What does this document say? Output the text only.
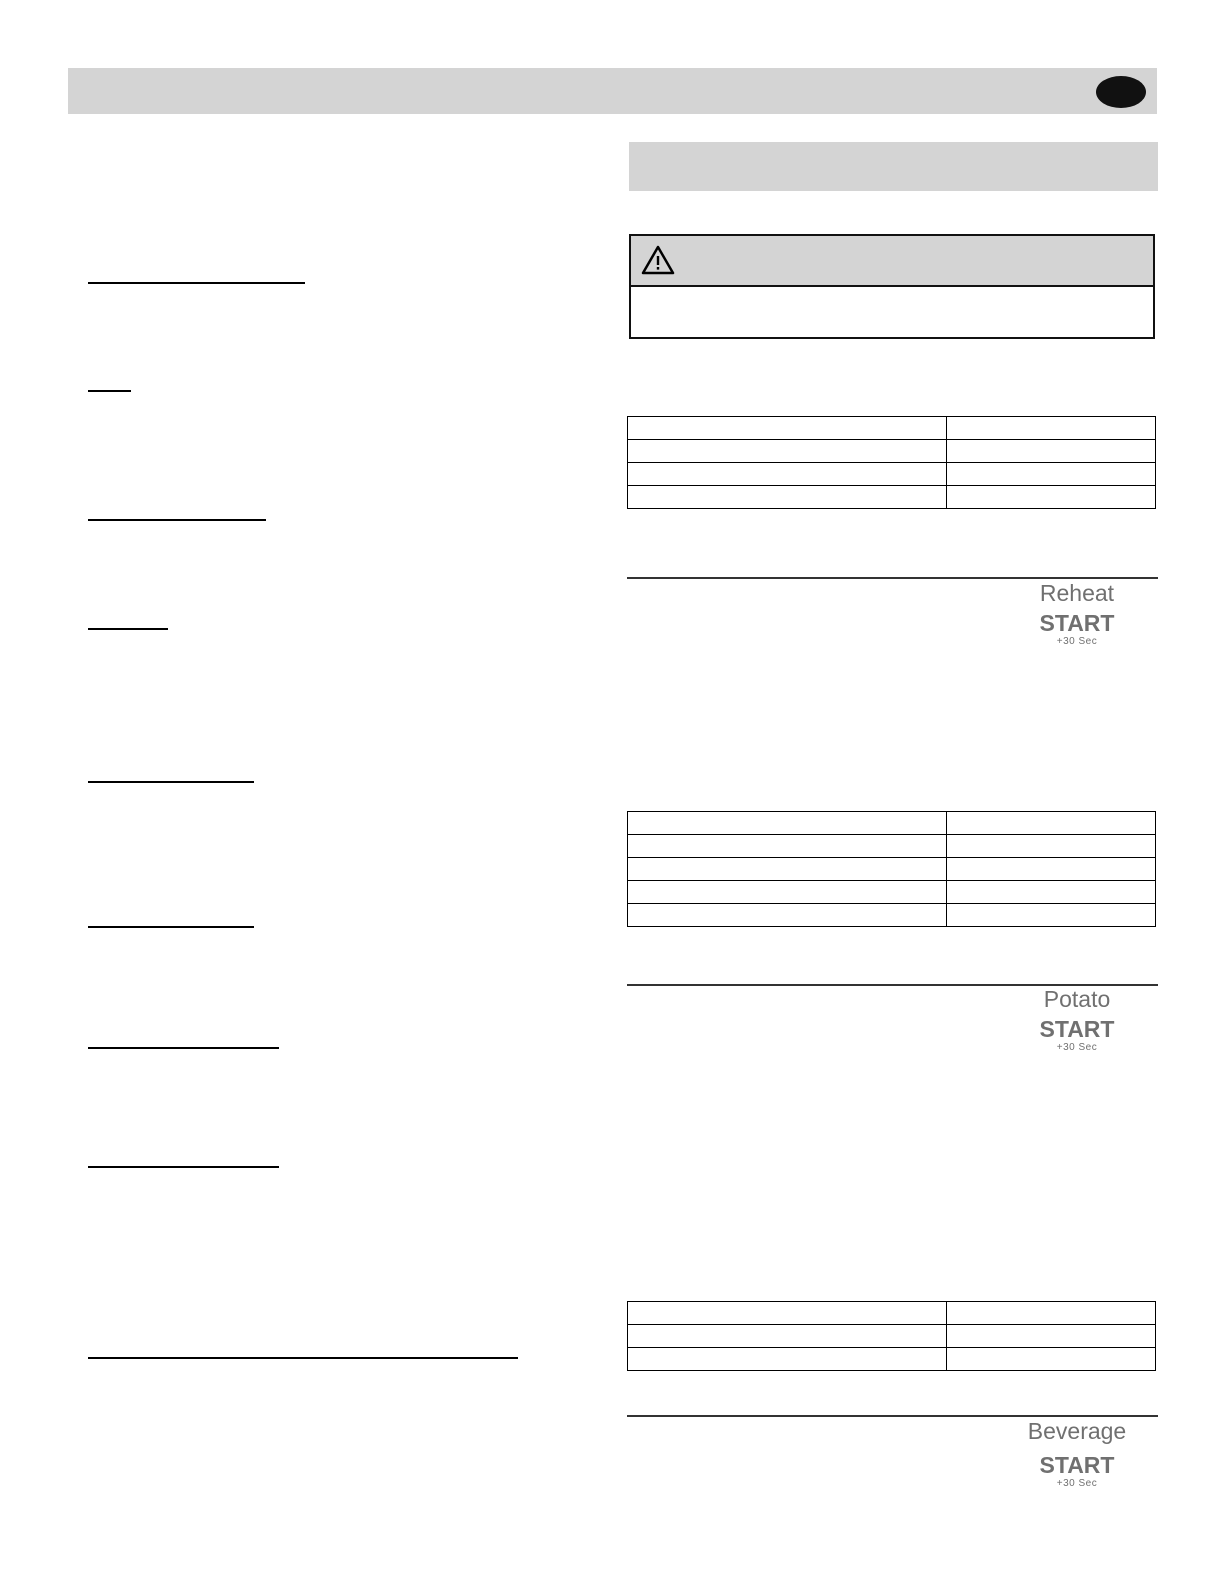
Reheat
START
+30 Sec

Potato
START
+30 Sec

Beverage
START
+30 Sec
